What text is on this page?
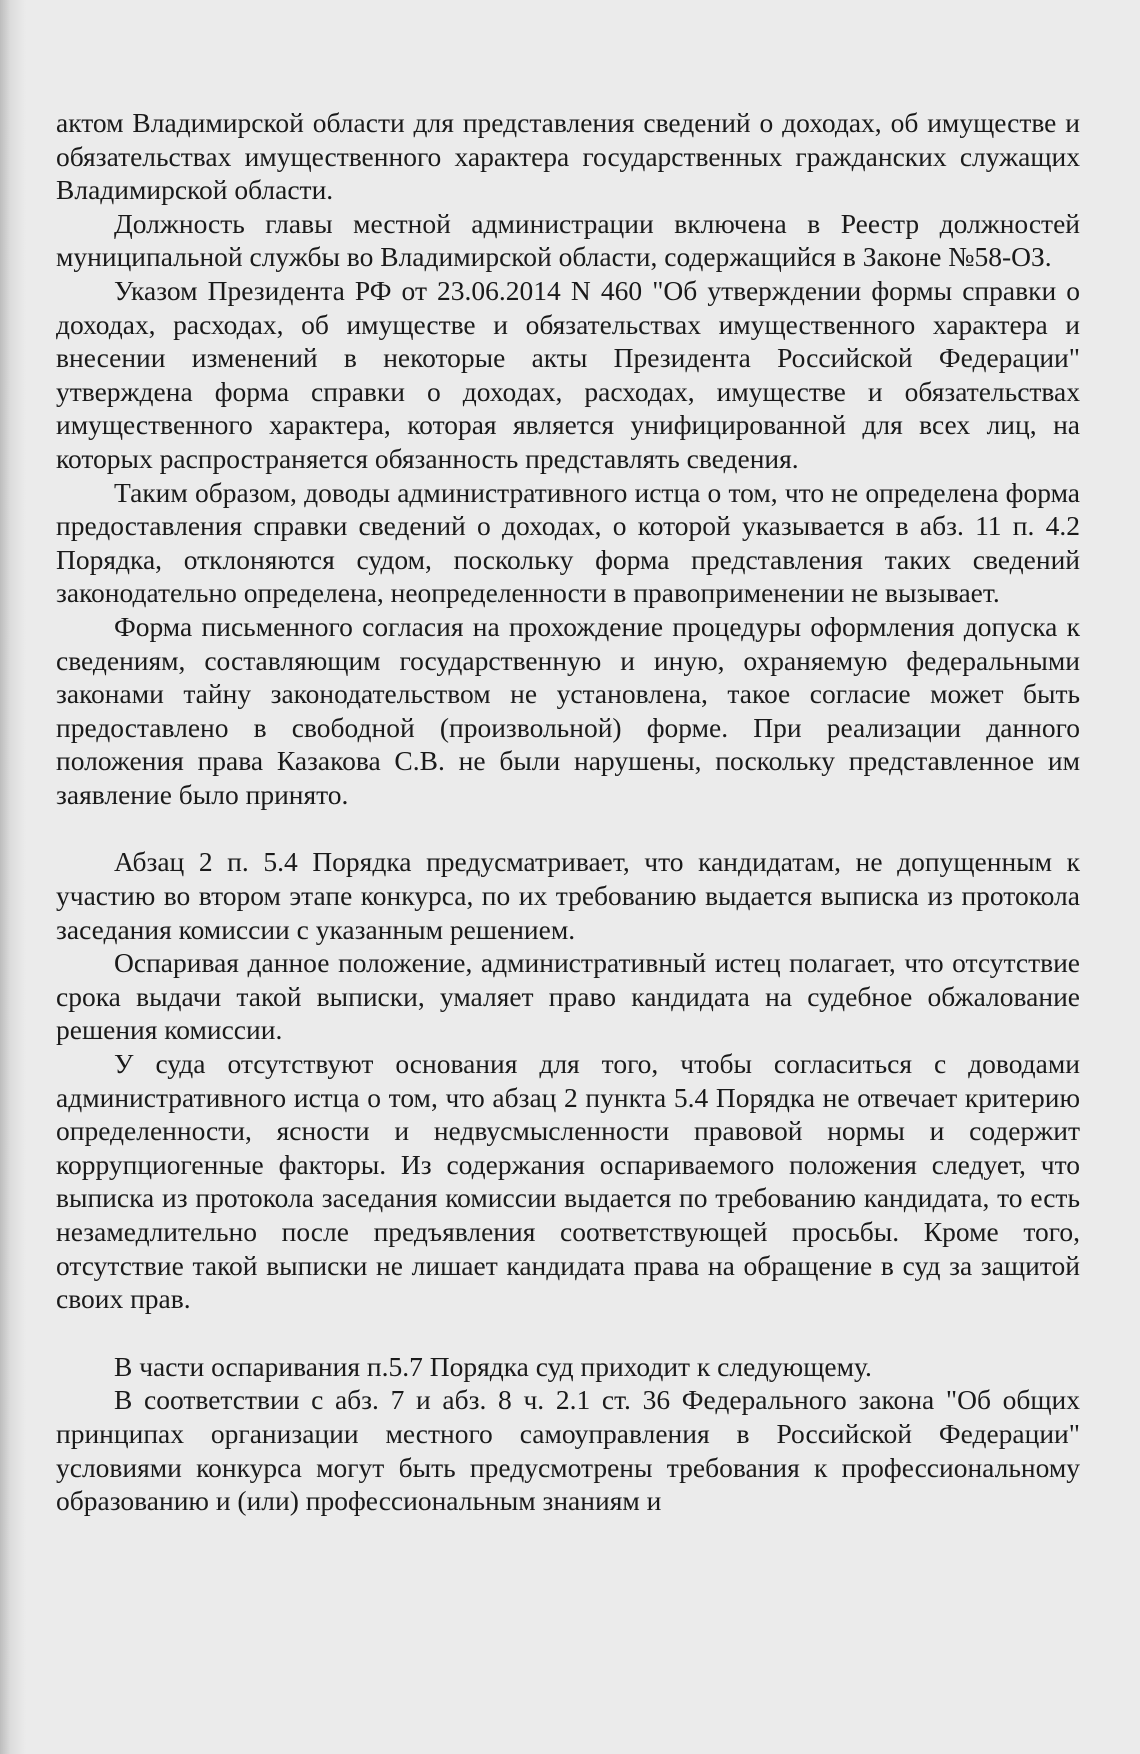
актом Владимирской области для представления сведений о доходах, об имуществе и обязательствах имущественного характера государственных гражданских служащих Владимирской области.

Должность главы местной администрации включена в Реестр должностей муниципальной службы во Владимирской области, содержащийся в Законе №58-ОЗ.

Указом Президента РФ от 23.06.2014 N 460 "Об утверждении формы справки о доходах, расходах, об имуществе и обязательствах имущественного характера и внесении изменений в некоторые акты Президента Российской Федерации" утверждена форма справки о доходах, расходах, имуществе и обязательствах имущественного характера, которая является унифицированной для всех лиц, на которых распространяется обязанность представлять сведения.

Таким образом, доводы административного истца о том, что не определена форма предоставления справки сведений о доходах, о которой указывается в абз. 11 п. 4.2 Порядка, отклоняются судом, поскольку форма представления таких сведений законодательно определена, неопределенности в правоприменении не вызывает.

Форма письменного согласия на прохождение процедуры оформления допуска к сведениям, составляющим государственную и иную, охраняемую федеральными законами тайну законодательством не установлена, такое согласие может быть предоставлено в свободной (произвольной) форме. При реализации данного положения права Казакова С.В. не были нарушены, поскольку представленное им заявление было принято.

Абзац 2 п. 5.4 Порядка предусматривает, что кандидатам, не допущенным к участию во втором этапе конкурса, по их требованию выдается выписка из протокола заседания комиссии с указанным решением.

Оспаривая данное положение, административный истец полагает, что отсутствие срока выдачи такой выписки, умаляет право кандидата на судебное обжалование решения комиссии.

У суда отсутствуют основания для того, чтобы согласиться с доводами административного истца о том, что абзац 2 пункта 5.4 Порядка не отвечает критерию определенности, ясности и недвусмысленности правовой нормы и содержит коррупциогенные факторы. Из содержания оспариваемого положения следует, что выписка из протокола заседания комиссии выдается по требованию кандидата, то есть незамедлительно после предъявления соответствующей просьбы. Кроме того, отсутствие такой выписки не лишает кандидата права на обращение в суд за защитой своих прав.

В части оспаривания п.5.7 Порядка суд приходит к следующему.

В соответствии с абз. 7 и абз. 8 ч. 2.1 ст. 36 Федерального закона "Об общих принципах организации местного самоуправления в Российской Федерации" условиями конкурса могут быть предусмотрены требования к профессиональному образованию и (или) профессиональным знаниям и
